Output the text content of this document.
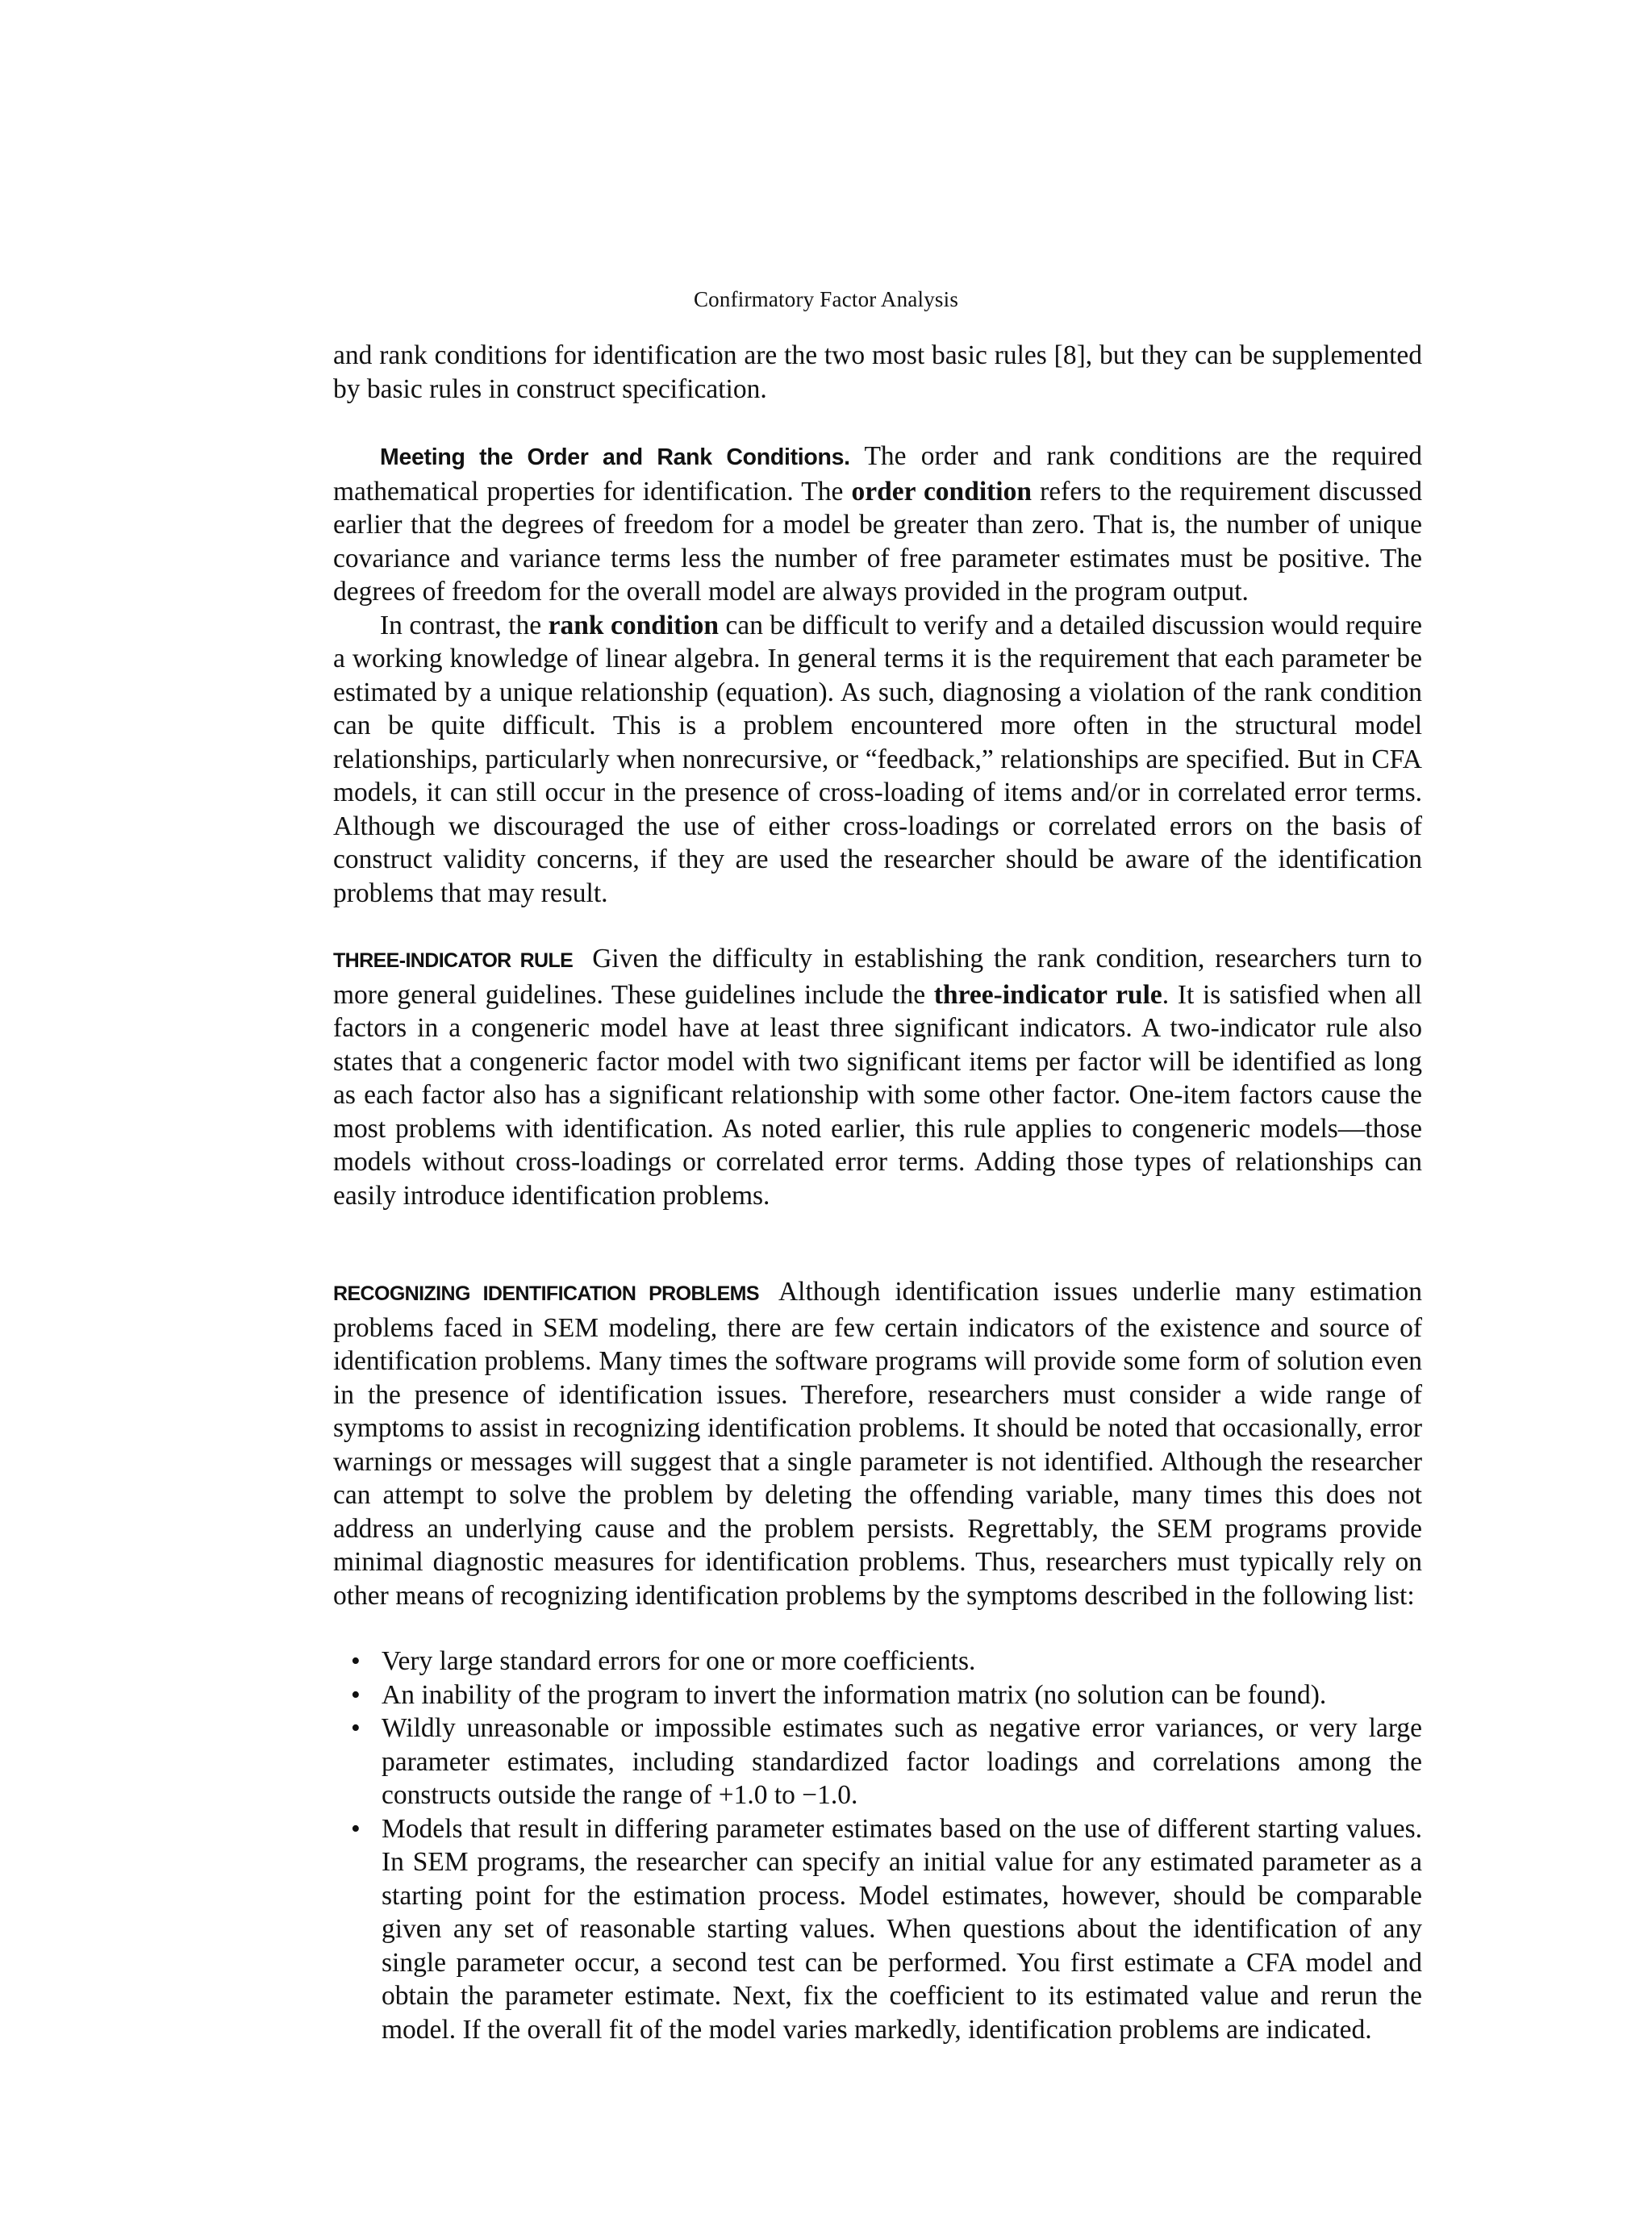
Confirmatory Factor Analysis

and rank conditions for identification are the two most basic rules [8], but they can be supplemented by basic rules in construct specification.

Meeting the Order and Rank Conditions. The order and rank conditions are the required mathematical properties for identification. The order condition refers to the requirement discussed earlier that the degrees of freedom for a model be greater than zero. That is, the number of unique covariance and variance terms less the number of free parameter estimates must be positive. The degrees of freedom for the overall model are always provided in the program output.

In contrast, the rank condition can be difficult to verify and a detailed discussion would require a working knowledge of linear algebra. In general terms it is the requirement that each parameter be estimated by a unique relationship (equation). As such, diagnosing a violation of the rank condition can be quite difficult. This is a problem encountered more often in the structural model relationships, particularly when nonrecursive, or “feedback,” relationships are specified. But in CFA models, it can still occur in the presence of cross-loading of items and/or in correlated error terms. Although we discouraged the use of either cross-loadings or correlated errors on the basis of construct validity concerns, if they are used the researcher should be aware of the identification problems that may result.

THREE-INDICATOR RULE Given the difficulty in establishing the rank condition, researchers turn to more general guidelines. These guidelines include the three-indicator rule. It is satisfied when all factors in a congeneric model have at least three significant indicators. A two-indicator rule also states that a congeneric factor model with two significant items per factor will be identified as long as each factor also has a significant relationship with some other factor. One-item factors cause the most problems with identification. As noted earlier, this rule applies to congeneric models—those models without cross-loadings or correlated error terms. Adding those types of relationships can easily introduce identification problems.

RECOGNIZING IDENTIFICATION PROBLEMS Although identification issues underlie many estimation problems faced in SEM modeling, there are few certain indicators of the existence and source of identification problems. Many times the software programs will provide some form of solution even in the presence of identification issues. Therefore, researchers must consider a wide range of symptoms to assist in recognizing identification problems. It should be noted that occasionally, error warnings or messages will suggest that a single parameter is not identified. Although the researcher can attempt to solve the problem by deleting the offending variable, many times this does not address an underlying cause and the problem persists. Regrettably, the SEM programs provide minimal diagnostic measures for identification problems. Thus, researchers must typically rely on other means of recognizing identification problems by the symptoms described in the following list:

• Very large standard errors for one or more coefficients.
• An inability of the program to invert the information matrix (no solution can be found).
• Wildly unreasonable or impossible estimates such as negative error variances, or very large parameter estimates, including standardized factor loadings and correlations among the constructs outside the range of +1.0 to −1.0.
• Models that result in differing parameter estimates based on the use of different starting values. In SEM programs, the researcher can specify an initial value for any estimated parameter as a starting point for the estimation process. Model estimates, however, should be comparable given any set of reasonable starting values. When questions about the identification of any single parameter occur, a second test can be performed. You first estimate a CFA model and obtain the parameter estimate. Next, fix the coefficient to its estimated value and rerun the model. If the overall fit of the model varies markedly, identification problems are indicated.
